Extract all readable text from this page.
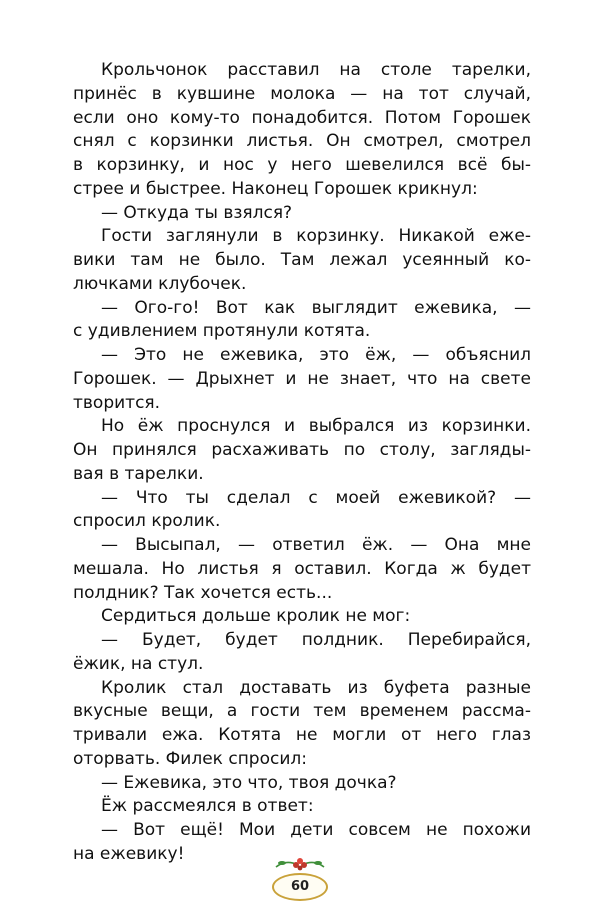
Крольчонок расставил на столе тарелки,
принёс в кувшине молока — на тот случай,
если оно кому-то понадобится. Потом Горошек
снял с корзинки листья. Он смотрел, смотрел
в корзинку, и нос у него шевелился всё бы-
стрее и быстрее. Наконец Горошек крикнул:
— Откуда ты взялся?
Гости заглянули в корзинку. Никакой еже-
вики там не было. Там лежал усеянный ко-
лючками клубочек.
— Ого-го! Вот как выглядит ежевика, —
с удивлением протянули котята.
— Это не ежевика, это ёж, — объяснил
Горошек. — Дрыхнет и не знает, что на свете
творится.
Но ёж проснулся и выбрался из корзинки.
Он принялся расхаживать по столу, загляды-
вая в тарелки.
— Что ты сделал с моей ежевикой? —
спросил кролик.
— Высыпал, — ответил ёж. — Она мне
мешала. Но листья я оставил. Когда ж будет
полдник? Так хочется есть...
Сердиться дольше кролик не мог:
— Будет, будет полдник. Перебирайся,
ёжик, на стул.
Кролик стал доставать из буфета разные
вкусные вещи, а гости тем временем рассма-
тривали ежа. Котята не могли от него глаз
оторвать. Филек спросил:
— Ежевика, это что, твоя дочка?
Ёж рассмеялся в ответ:
— Вот ещё! Мои дети совсем не похожи
на ежевику!
60
